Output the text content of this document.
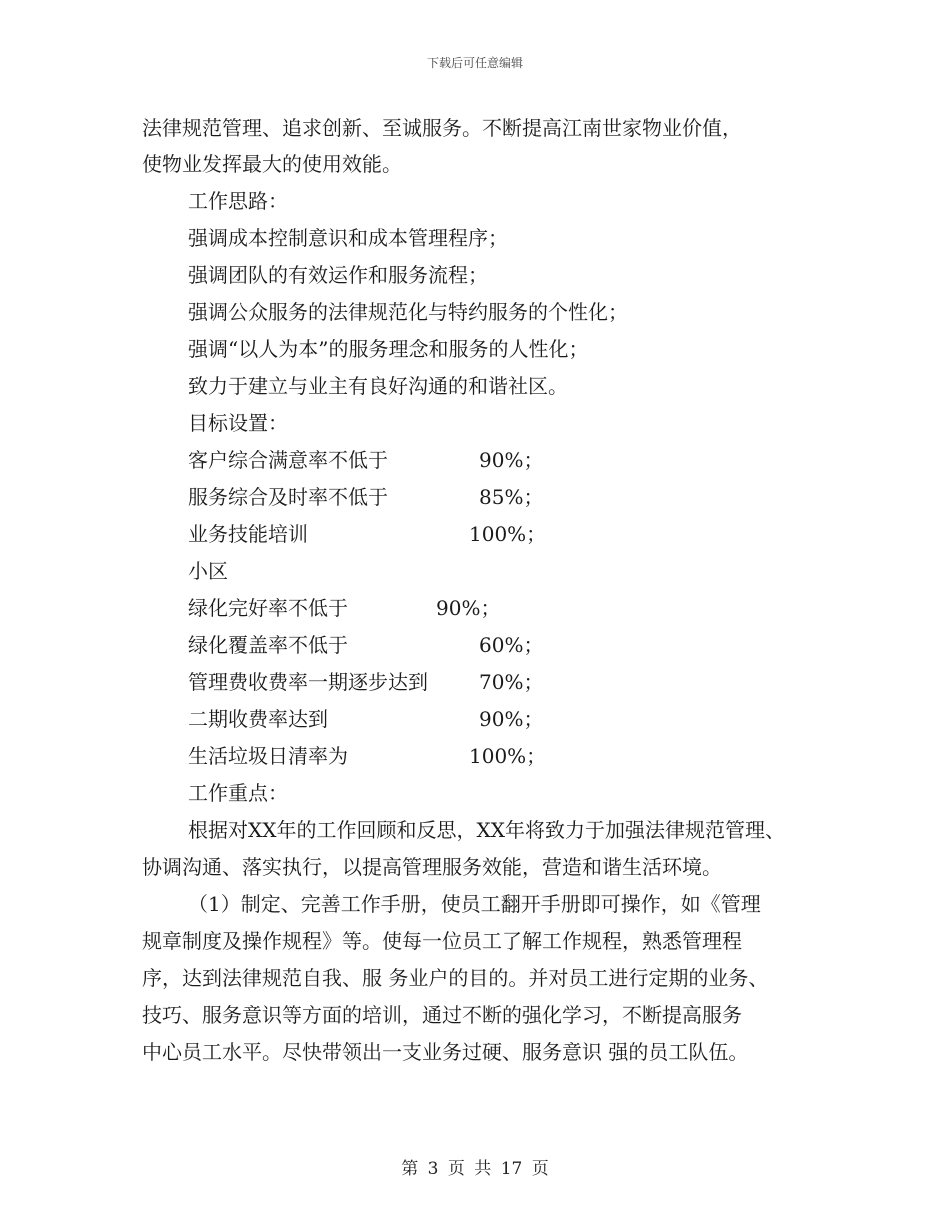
下载后可任意编辑
法律规范管理、追求创新、至诚服务。不断提高江南世家物业价值，
使物业发挥最大的使用效能。
工作思路：
强调成本控制意识和成本管理程序；
强调团队的有效运作和服务流程；
强调公众服务的法律规范化与特约服务的个性化；
强调“以人为本”的服务理念和服务的人性化；
致力于建立与业主有良好沟通的和谐社区。
目标设置：
客户综合满意率不低于	90%；
服务综合及时率不低于	85%；
业务技能培训	100%；
小区
绿化完好率不低于	90%；
绿化覆盖率不低于	60%；
管理费收费率一期逐步达到	70%；
二期收费率达到	90%；
生活垃圾日清率为	100%；
工作重点：
根据对XX年的工作回顾和反思，XX年将致力于加强法律规范管理、
协调沟通、落实执行，以提高管理服务效能，营造和谐生活环境。
（1）制定、完善工作手册，使员工翻开手册即可操作，如《管理
规章制度及操作规程》等。使每一位员工了解工作规程，熟悉管理程
序，达到法律规范自我、服 务业户的目的。并对员工进行定期的业务、
技巧、服务意识等方面的培训，通过不断的强化学习，不断提高服务
中心员工水平。尽快带领出一支业务过硬、服务意识 强的员工队伍。
第 3 页 共 17 页
